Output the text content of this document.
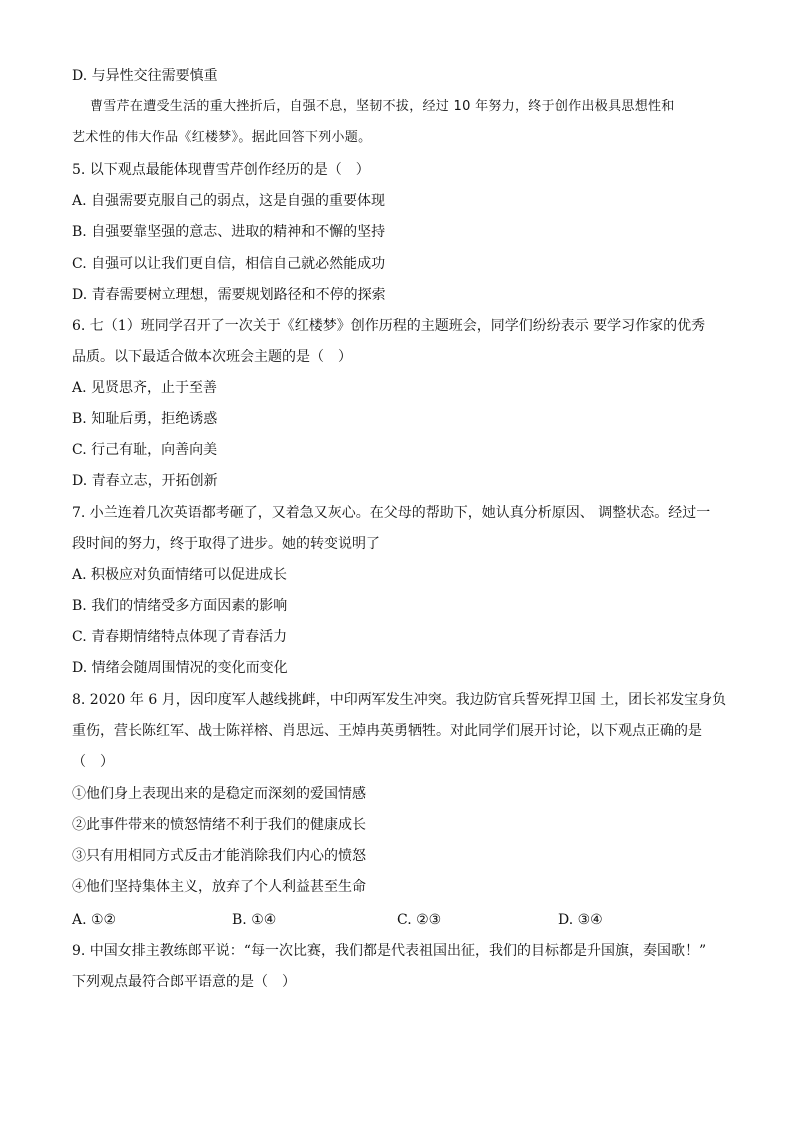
D. 与异性交往需要慎重
曹雪芹在遭受生活的重大挫折后，自强不息，坚韧不拔，经过 10 年努力，终于创作出极具思想性和
艺术性的伟大作品《红楼梦》。据此回答下列小题。
5. 以下观点最能体现曹雪芹创作经历的是（　）
A. 自强需要克服自己的弱点，这是自强的重要体现
B. 自强要靠坚强的意志、进取的精神和不懈的坚持
C. 自强可以让我们更自信，相信自己就必然能成功
D. 青春需要树立理想，需要规划路径和不停的探索
6. 七（1）班同学召开了一次关于《红楼梦》创作历程的主题班会，同学们纷纷表示 要学习作家的优秀
品质。以下最适合做本次班会主题的是（　）
A. 见贤思齐，止于至善
B. 知耻后勇，拒绝诱惑
C. 行己有耻，向善向美
D. 青春立志，开拓创新
7. 小兰连着几次英语都考砸了，又着急又灰心。在父母的帮助下，她认真分析原因、 调整状态。经过一
段时间的努力，终于取得了进步。她的转变说明了
A. 积极应对负面情绪可以促进成长
B. 我们的情绪受多方面因素的影响
C. 青春期情绪特点体现了青春活力
D. 情绪会随周围情况的变化而变化
8. 2020 年 6 月，因印度军人越线挑衅，中印两军发生冲突。我边防官兵誓死捍卫国 土，团长祁发宝身负
重伤，营长陈红军、战士陈祥榕、肖思远、王焯冉英勇牺牲。对此同学们展开讨论，以下观点正确的是
（　）
①他们身上表现出来的是稳定而深刻的爱国情感
②此事件带来的愤怒情绪不利于我们的健康成长
③只有用相同方式反击才能消除我们内心的愤怒
④他们坚持集体主义，放弃了个人利益甚至生命
A. ①②	B. ①④	C. ②③	D. ③④
9. 中国女排主教练郎平说：“每一次比赛，我们都是代表祖国出征，我们的目标都是升国旗，奏国歌！”
下列观点最符合郎平语意的是（　）
